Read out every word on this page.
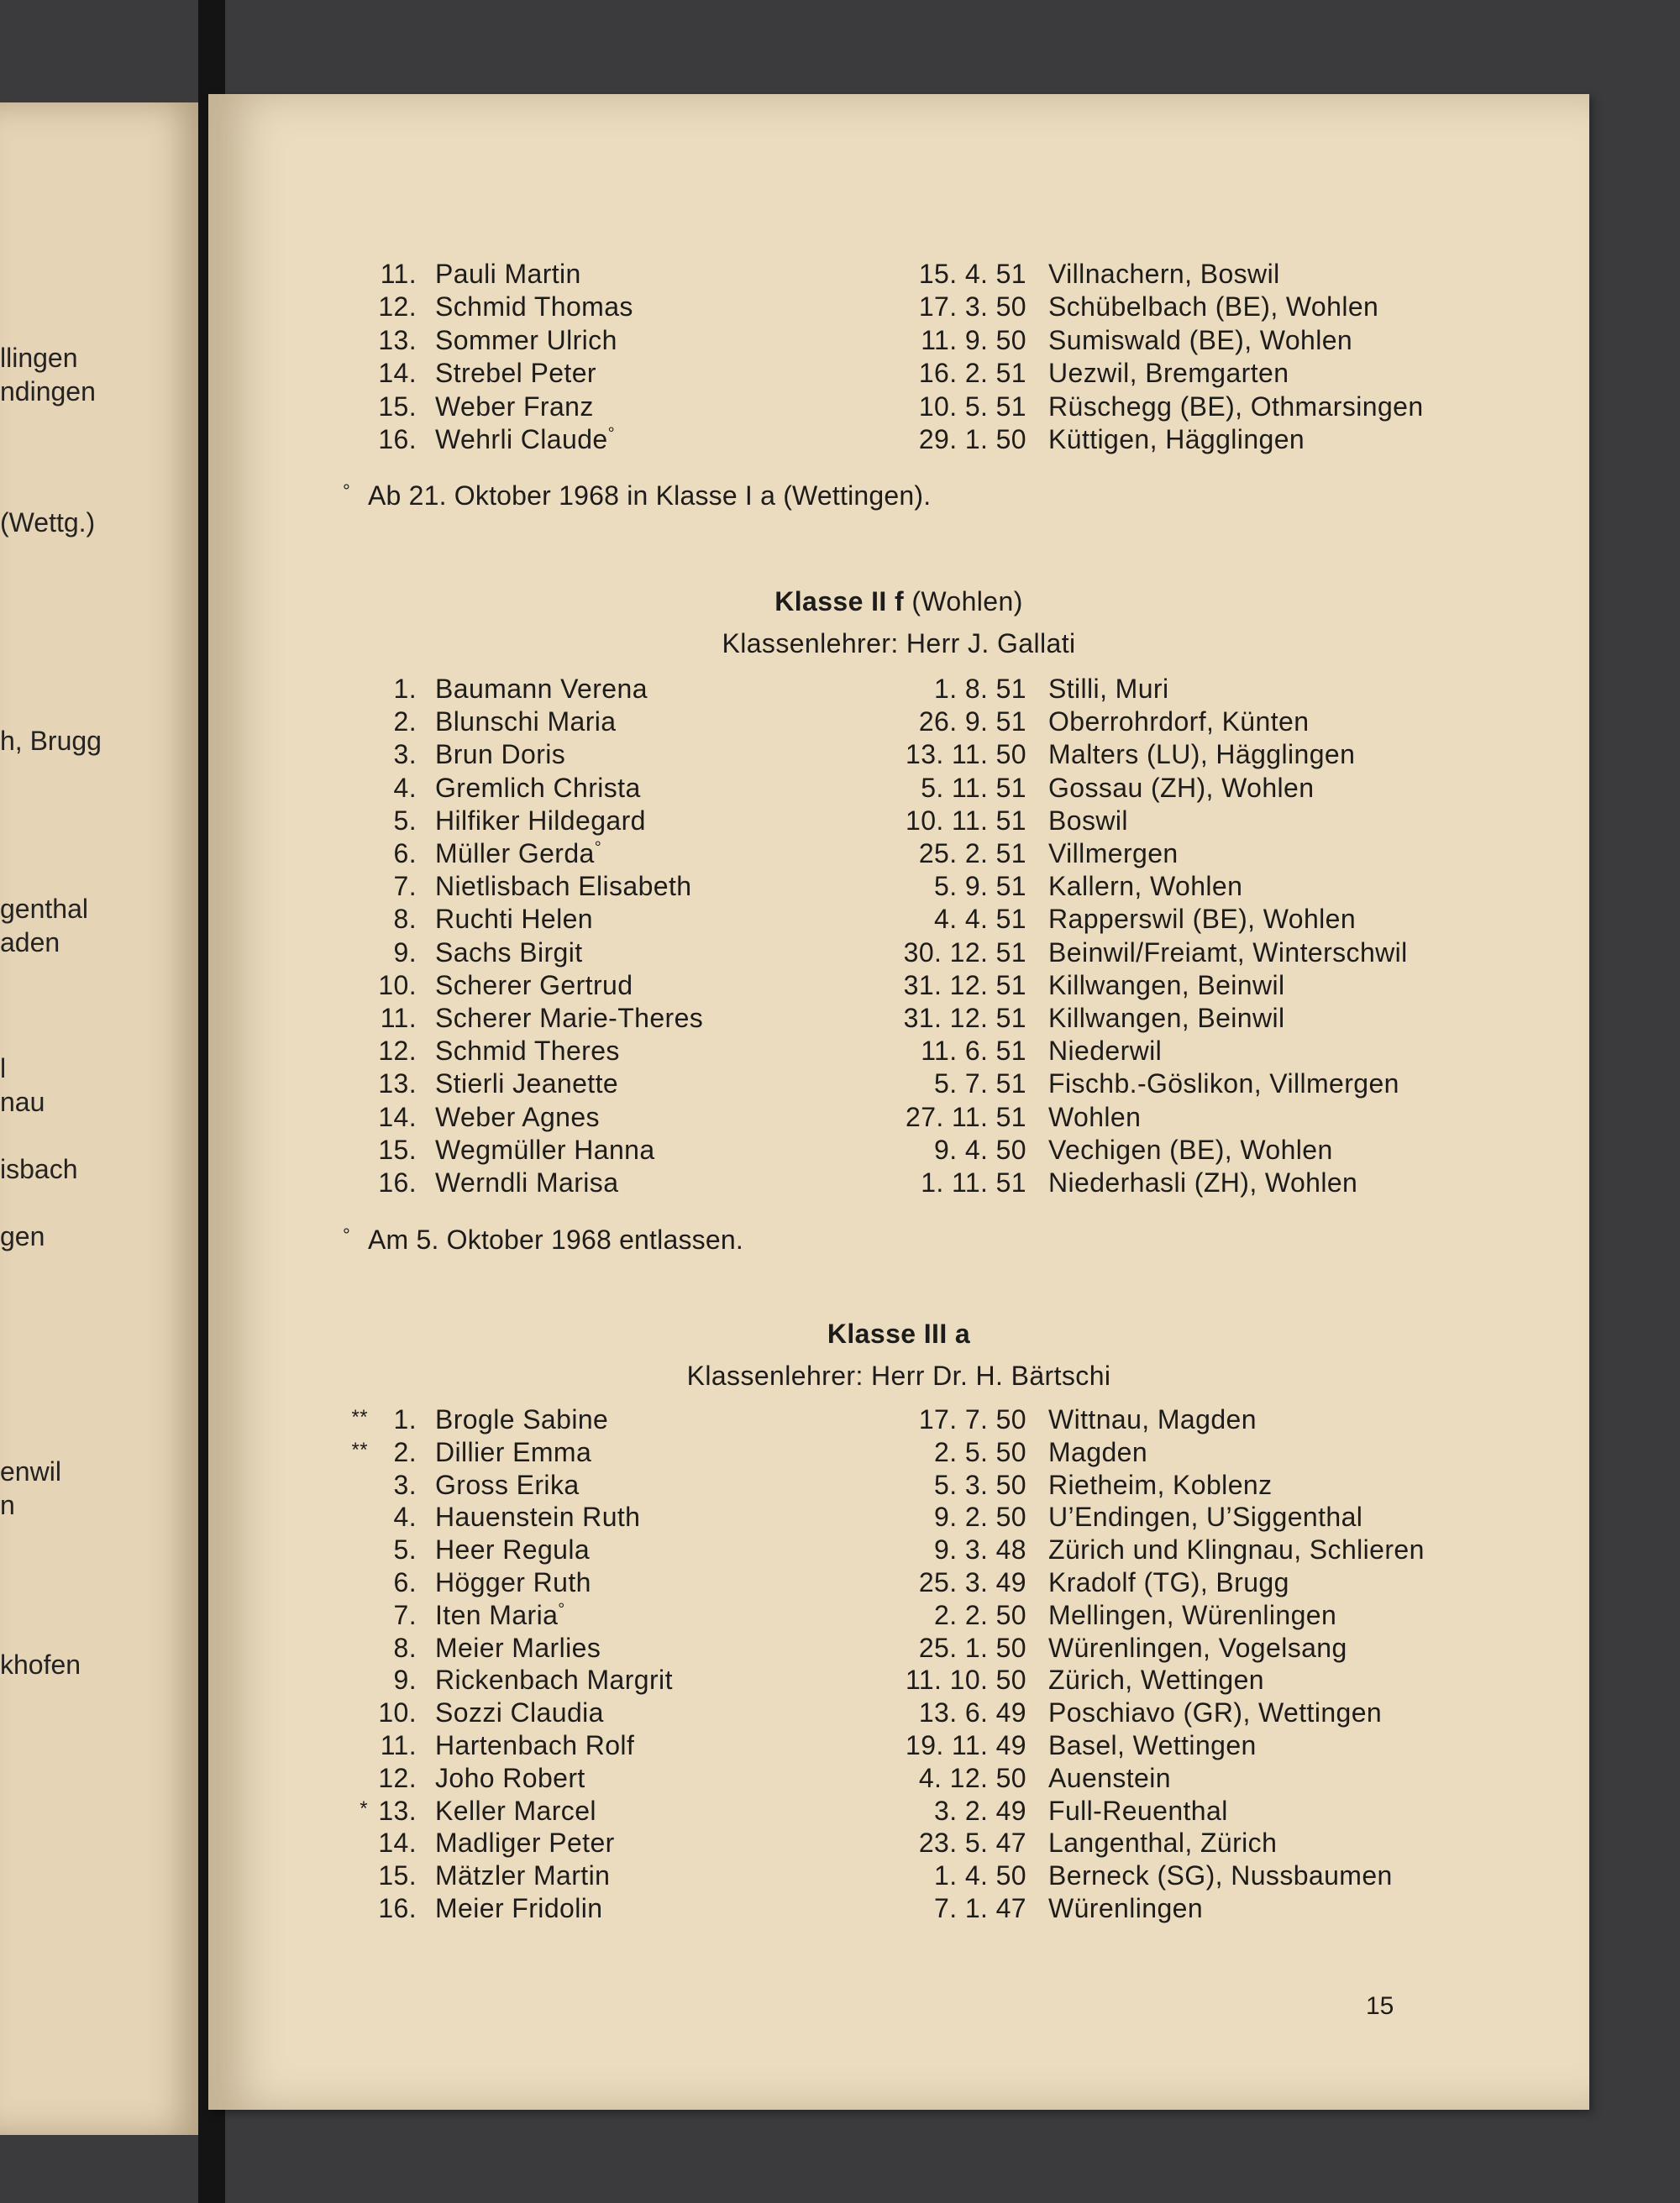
llingen
ndingen
(Wettg.)
h, Brugg
genthal
aden
l
nau
isbach
gen
enwil
n
khofen
11. Pauli Martin	15. 4. 51 Villnachern, Boswil
12. Schmid Thomas	17. 3. 50 Schübelbach (BE), Wohlen
13. Sommer Ulrich	11. 9. 50 Sumiswald (BE), Wohlen
14. Strebel Peter	16. 2. 51 Uezwil, Bremgarten
15. Weber Franz	10. 5. 51 Rüschegg (BE), Othmarsingen
16. Wehrli Claude°	29. 1. 50 Küttigen, Hägglingen
° Ab 21. Oktober 1968 in Klasse I a (Wettingen).
Klasse II f (Wohlen)
Klassenlehrer: Herr J. Gallati
1. Baumann Verena	1. 8. 51 Stilli, Muri
2. Blunschi Maria	26. 9. 51 Oberrohrdorf, Künten
3. Brun Doris	13. 11. 50 Malters (LU), Hägglingen
4. Gremlich Christa	5. 11. 51 Gossau (ZH), Wohlen
5. Hilfiker Hildegard	10. 11. 51 Boswil
6. Müller Gerda°	25. 2. 51 Villmergen
7. Nietlisbach Elisabeth	5. 9. 51 Kallern, Wohlen
8. Ruchti Helen	4. 4. 51 Rapperswil (BE), Wohlen
9. Sachs Birgit	30. 12. 51 Beinwil/Freiamt, Winterschwil
10. Scherer Gertrud	31. 12. 51 Killwangen, Beinwil
11. Scherer Marie-Theres	31. 12. 51 Killwangen, Beinwil
12. Schmid Theres	11. 6. 51 Niederwil
13. Stierli Jeanette	5. 7. 51 Fischb.-Göslikon, Villmergen
14. Weber Agnes	27. 11. 51 Wohlen
15. Wegmüller Hanna	9. 4. 50 Vechigen (BE), Wohlen
16. Werndli Marisa	1. 11. 51 Niederhasli (ZH), Wohlen
° Am 5. Oktober 1968 entlassen.
Klasse III a
Klassenlehrer: Herr Dr. H. Bärtschi
** 1. Brogle Sabine	17. 7. 50 Wittnau, Magden
** 2. Dillier Emma	2. 5. 50 Magden
3. Gross Erika	5. 3. 50 Rietheim, Koblenz
4. Hauenstein Ruth	9. 2. 50 U’Endingen, U’Siggenthal
5. Heer Regula	9. 3. 48 Zürich und Klingnau, Schlieren
6. Högger Ruth	25. 3. 49 Kradolf (TG), Brugg
7. Iten Maria°	2. 2. 50 Mellingen, Würenlingen
8. Meier Marlies	25. 1. 50 Würenlingen, Vogelsang
9. Rickenbach Margrit	11. 10. 50 Zürich, Wettingen
10. Sozzi Claudia	13. 6. 49 Poschiavo (GR), Wettingen
11. Hartenbach Rolf	19. 11. 49 Basel, Wettingen
12. Joho Robert	4. 12. 50 Auenstein
* 13. Keller Marcel	3. 2. 49 Full-Reuenthal
14. Madliger Peter	23. 5. 47 Langenthal, Zürich
15. Mätzler Martin	1. 4. 50 Berneck (SG), Nussbaumen
16. Meier Fridolin	7. 1. 47 Würenlingen
15
